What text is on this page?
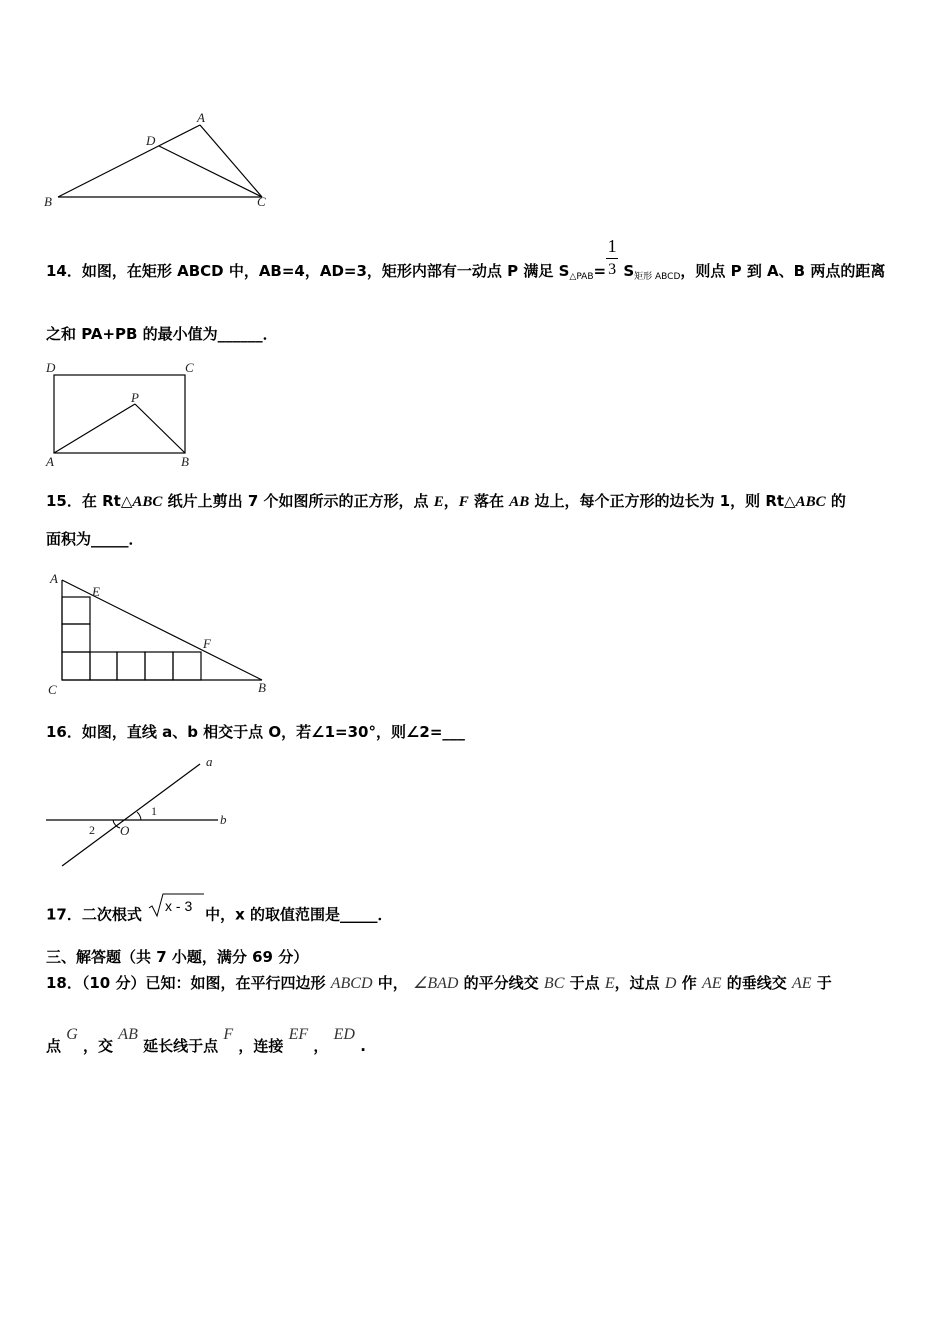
A
B	C
D
14．如图，在矩形 ABCD 中，AB=4，AD=3，矩形内部有一动点 P 满足 $S_{\triangle PAB}= \frac{1}{3} S_{矩形 ABCD}$，则点 P 到 A、B 两点的距离
之和 PA+PB 的最小值为______．
D	C
A	B
P
15．在 Rt△ABC 纸片上剪出 7 个如图所示的正方形，点 E，F 落在 AB 边上，每个正方形的边长为 1，则 Rt△ABC 的
面积为_____．
A
E
F
C	B
16．如图，直线 a、b 相交于点 O，若∠1=30°，则∠2=___
a
b
O
1
2
17．二次根式 x - 3 中，x 的取值范围是_____．
三、解答题（共 7 小题，满分 69 分）
18．（10 分）已知：如图，在平行四边形 ABCD 中， ∠BAD 的平分线交 BC 于点 E，过点 D 作 AE 的垂线交 AE 于
点 G ，交 AB 延长线于点 F ，连接 EF ， ED .
